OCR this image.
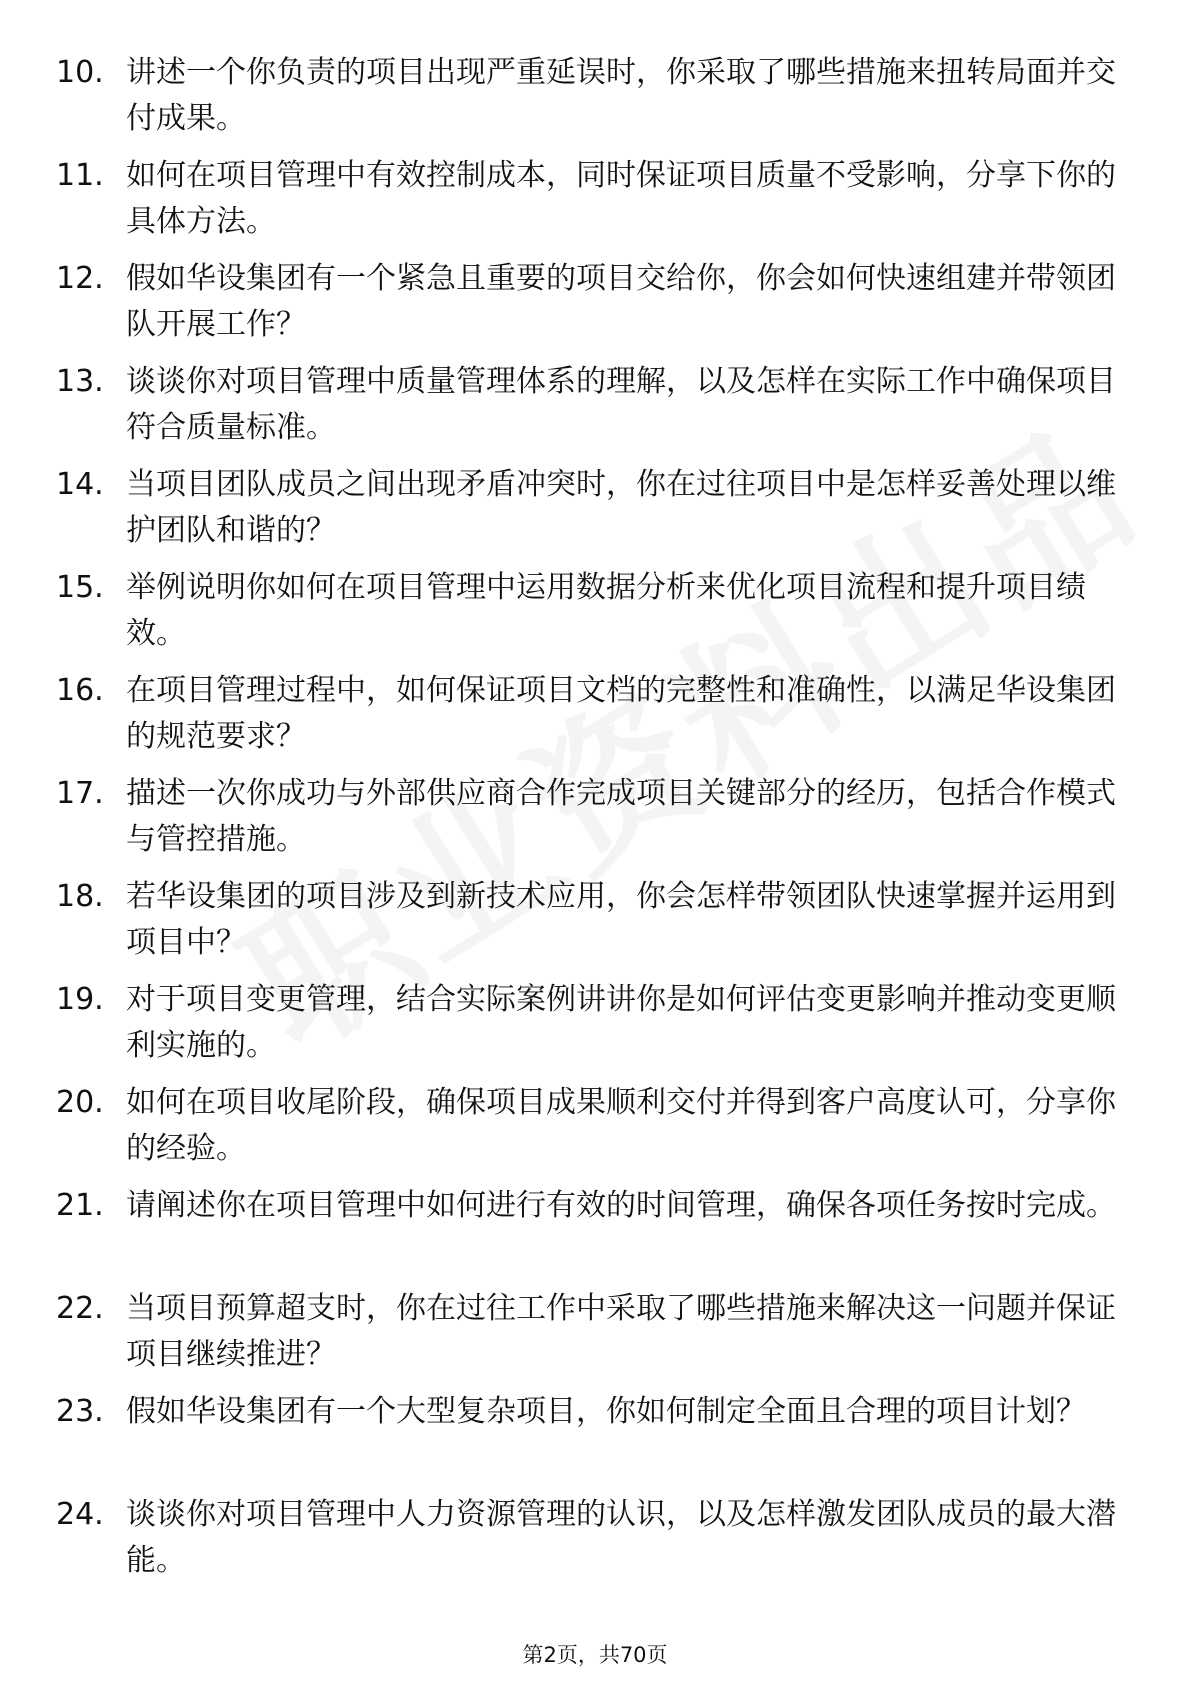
10. 讲述一个你负责的项目出现严重延误时，你采取了哪些措施来扭转局面并交付成果。
11. 如何在项目管理中有效控制成本，同时保证项目质量不受影响，分享下你的具体方法。
12. 假如华设集团有一个紧急且重要的项目交给你，你会如何快速组建并带领团队开展工作？
13. 谈谈你对项目管理中质量管理体系的理解，以及怎样在实际工作中确保项目符合质量标准。
14. 当项目团队成员之间出现矛盾冲突时，你在过往项目中是怎样妥善处理以维护团队和谐的？
15. 举例说明你如何在项目管理中运用数据分析来优化项目流程和提升项目绩效。
16. 在项目管理过程中，如何保证项目文档的完整性和准确性，以满足华设集团的规范要求？
17. 描述一次你成功与外部供应商合作完成项目关键部分的经历，包括合作模式与管控措施。
18. 若华设集团的项目涉及到新技术应用，你会怎样带领团队快速掌握并运用到项目中？
19. 对于项目变更管理，结合实际案例讲讲你是如何评估变更影响并推动变更顺利实施的。
20. 如何在项目收尾阶段，确保项目成果顺利交付并得到客户高度认可，分享你的经验。
21. 请阐述你在项目管理中如何进行有效的时间管理，确保各项任务按时完成。
22. 当项目预算超支时，你在过往工作中采取了哪些措施来解决这一问题并保证项目继续推进？
23. 假如华设集团有一个大型复杂项目，你如何制定全面且合理的项目计划？
24. 谈谈你对项目管理中人力资源管理的认识，以及怎样激发团队成员的最大潜能。
第2页，共70页
